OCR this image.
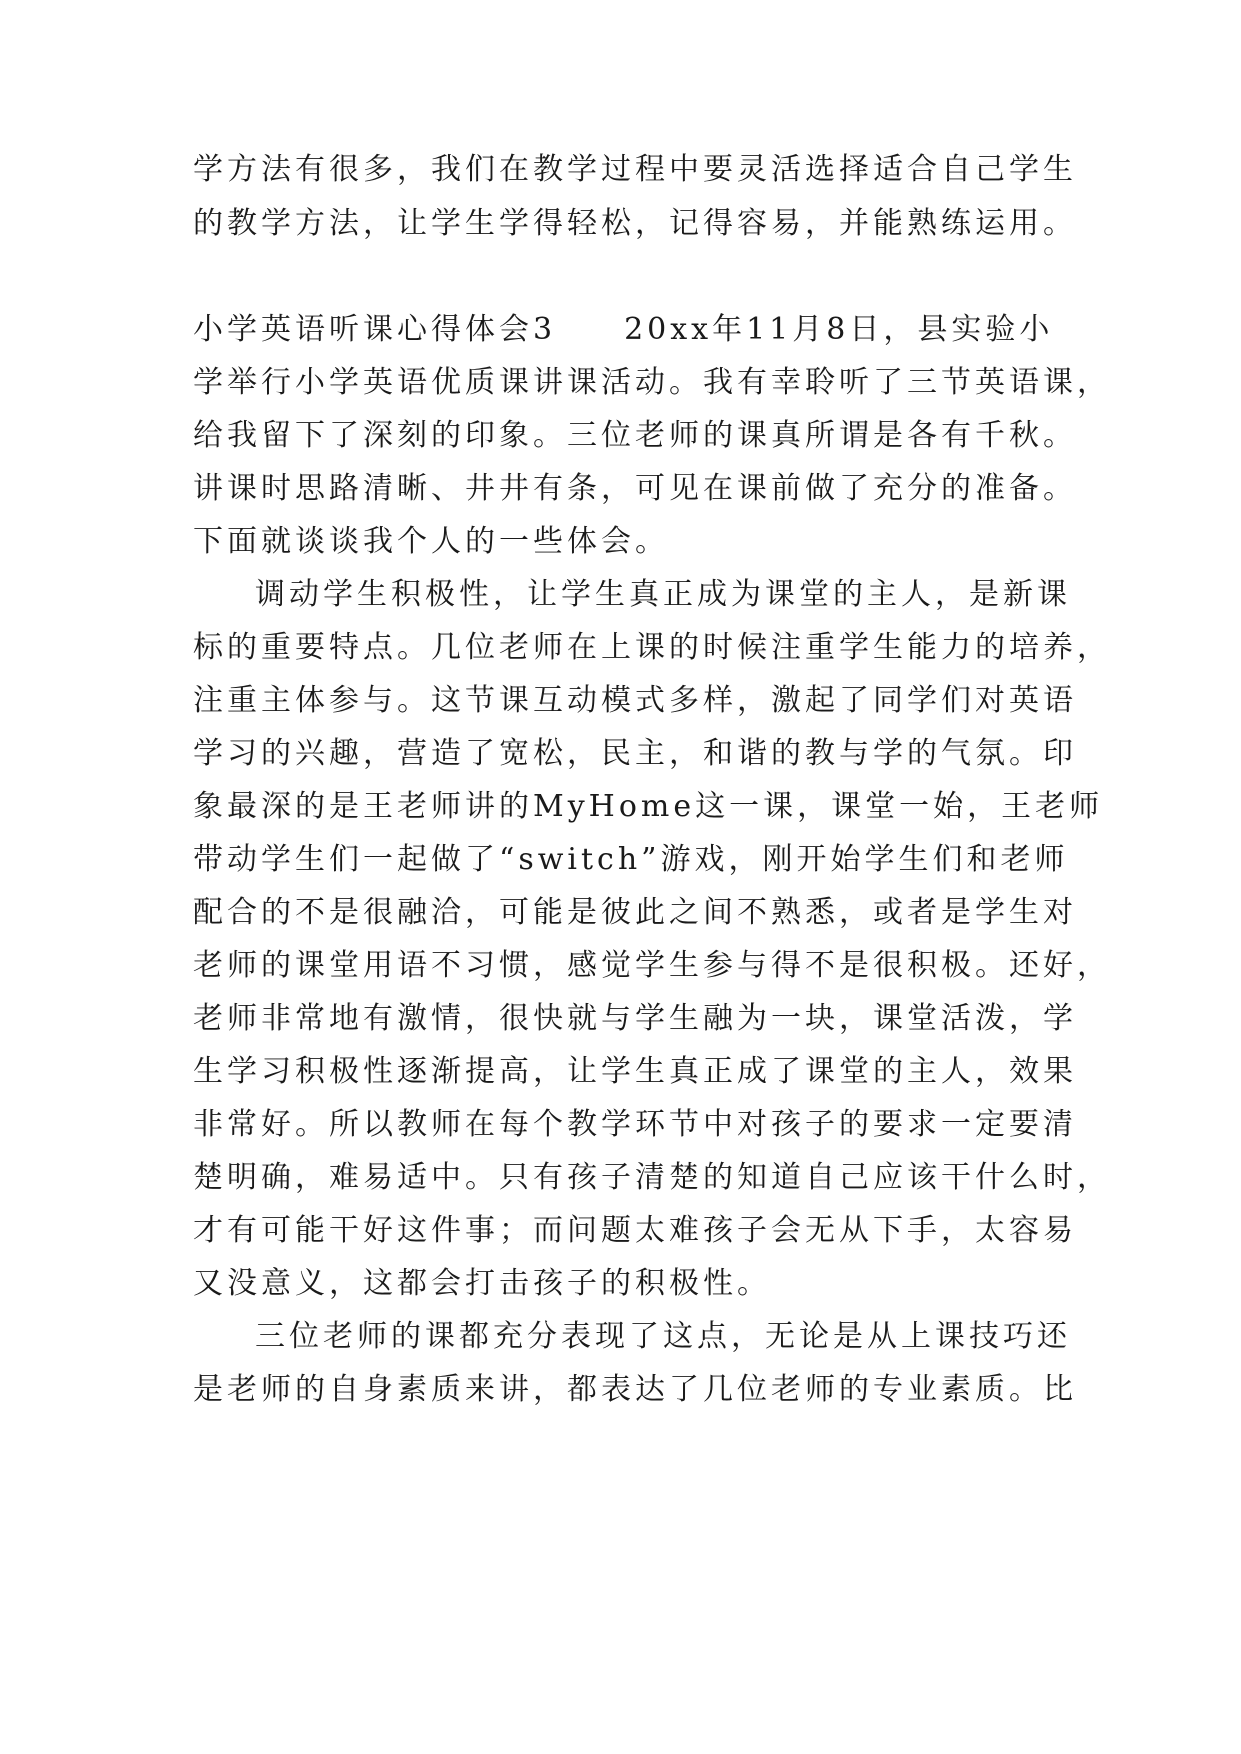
学方法有很多，我们在教学过程中要灵活选择适合自己学生
的教学方法，让学生学得轻松，记得容易，并能熟练运用。
小学英语听课心得体会3　　20xx年11月8日，县实验小
学举行小学英语优质课讲课活动。我有幸聆听了三节英语课，
给我留下了深刻的印象。三位老师的课真所谓是各有千秋。
讲课时思路清晰、井井有条，可见在课前做了充分的准备。
下面就谈谈我个人的一些体会。
调动学生积极性，让学生真正成为课堂的主人，是新课
标的重要特点。几位老师在上课的时候注重学生能力的培养，
注重主体参与。这节课互动模式多样，激起了同学们对英语
学习的兴趣，营造了宽松，民主，和谐的教与学的气氛。印
象最深的是王老师讲的MyHome这一课，课堂一始，王老师
带动学生们一起做了“switch”游戏，刚开始学生们和老师
配合的不是很融洽，可能是彼此之间不熟悉，或者是学生对
老师的课堂用语不习惯，感觉学生参与得不是很积极。还好，
老师非常地有激情，很快就与学生融为一块，课堂活泼，学
生学习积极性逐渐提高，让学生真正成了课堂的主人，效果
非常好。所以教师在每个教学环节中对孩子的要求一定要清
楚明确，难易适中。只有孩子清楚的知道自己应该干什么时，
才有可能干好这件事；而问题太难孩子会无从下手，太容易
又没意义，这都会打击孩子的积极性。
三位老师的课都充分表现了这点，无论是从上课技巧还
是老师的自身素质来讲，都表达了几位老师的专业素质。比
